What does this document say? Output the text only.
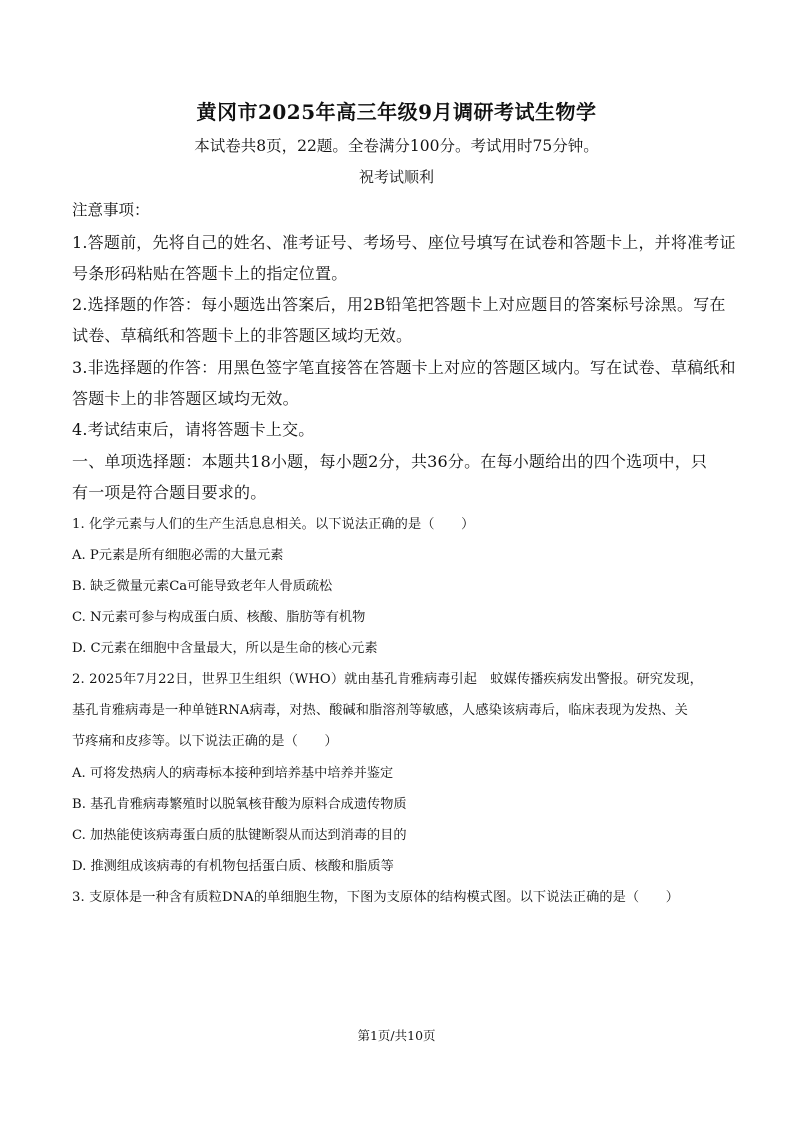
黄冈市2025年高三年级9月调研考试生物学
本试卷共8页，22题。全卷满分100分。考试用时75分钟。
祝考试顺利
注意事项：
1.答题前，先将自己的姓名、准考证号、考场号、座位号填写在试卷和答题卡上，并将准考证
号条形码粘贴在答题卡上的指定位置。
2.选择题的作答：每小题选出答案后，用2B铅笔把答题卡上对应题目的答案标号涂黑。写在
试卷、草稿纸和答题卡上的非答题区域均无效。
3.非选择题的作答：用黑色签字笔直接答在答题卡上对应的答题区域内。写在试卷、草稿纸和
答题卡上的非答题区域均无效。
4.考试结束后，请将答题卡上交。
一、单项选择题：本题共18小题，每小题2分，共36分。在每小题给出的四个选项中，只
有一项是符合题目要求的。
1. 化学元素与人们的生产生活息息相关。以下说法正确的是（　　）
A. P元素是所有细胞必需的大量元素
B. 缺乏微量元素Ca可能导致老年人骨质疏松
C. N元素可参与构成蛋白质、核酸、脂肪等有机物
D. C元素在细胞中含量最大，所以是生命的核心元素
2. 2025年7月22日，世界卫生组织（WHO）就由基孔肯雅病毒引起　蚊媒传播疾病发出警报。研究发现，
基孔肯雅病毒是一种单链RNA病毒，对热、酸碱和脂溶剂等敏感，人感染该病毒后，临床表现为发热、关
节疼痛和皮疹等。以下说法正确的是（　　）
A. 可将发热病人的病毒标本接种到培养基中培养并鉴定
B. 基孔肯雅病毒繁殖时以脱氧核苷酸为原料合成遗传物质
C. 加热能使该病毒蛋白质的肽键断裂从而达到消毒的目的
D. 推测组成该病毒的有机物包括蛋白质、核酸和脂质等
3. 支原体是一种含有质粒DNA的单细胞生物，下图为支原体的结构模式图。以下说法正确的是（　　）
第1页/共10页
